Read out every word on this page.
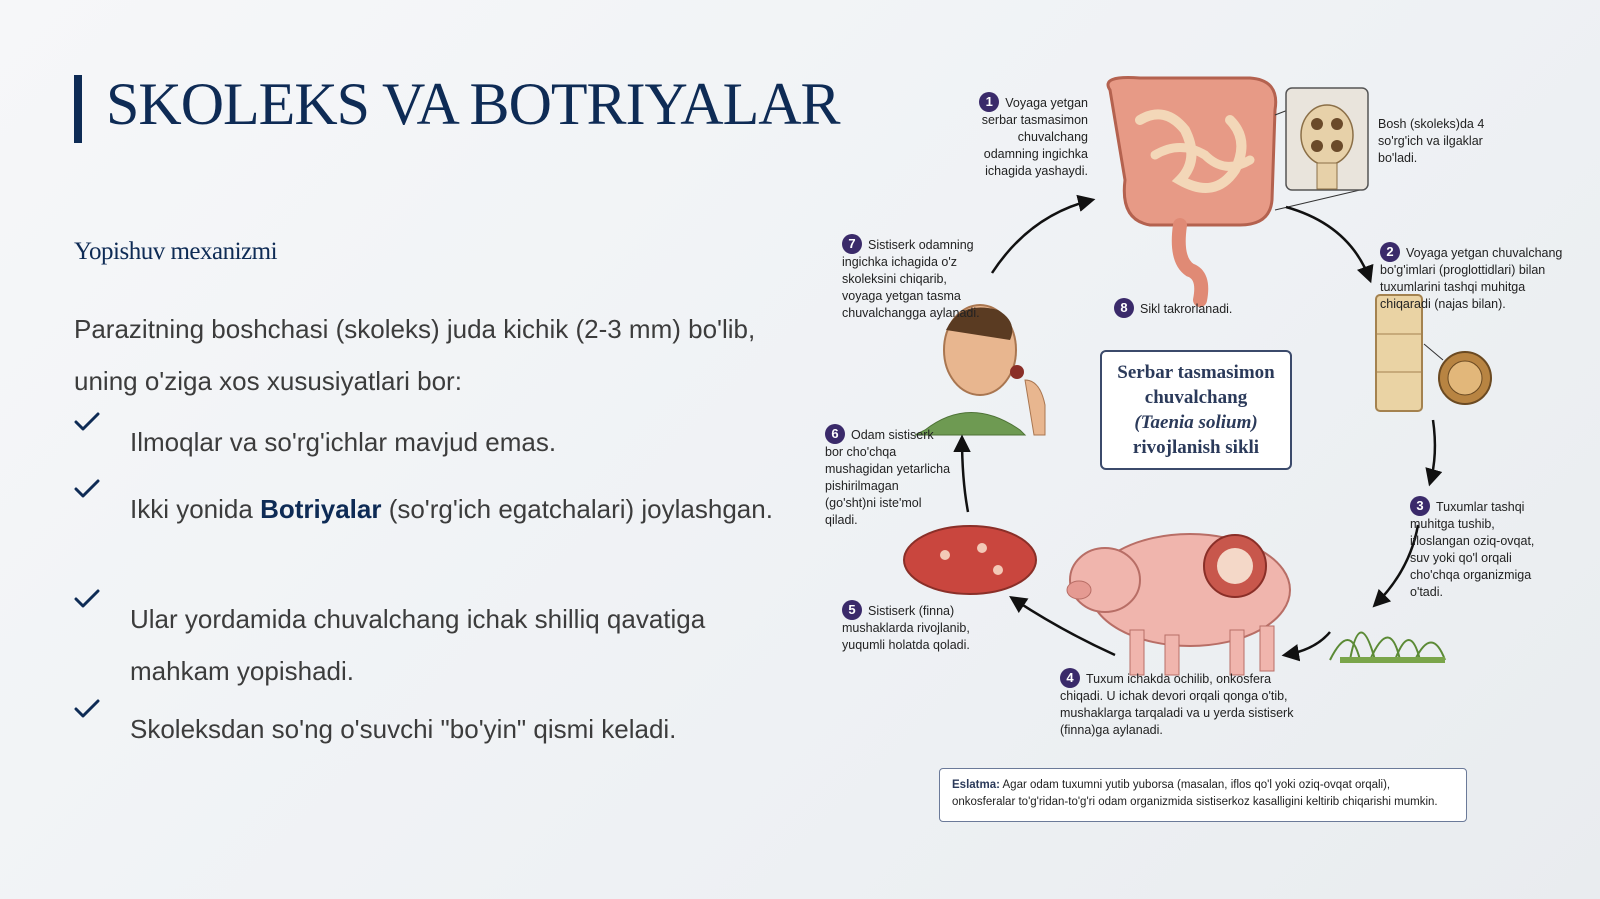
SKOLEKS VA BOTRIYALAR
Yopishuv mexanizmi
Parazitning boshchasi (skoleks) juda kichik (2-3 mm) bo'lib, uning o'ziga xos xususiyatlari bor:
Ilmoqlar va so'rg'ichlar mavjud emas.
Ikki yonida Botriyalar (so'rg'ich egatchalari) joylashgan.
Ular yordamida chuvalchang ichak shilliq qavatiga mahkam yopishadi.
Skoleksdan so'ng o'suvchi "bo'yin" qismi keladi.
1 Voyaga yetgan serbar tasmasimon chuvalchang odamning ingichka ichagida yashaydi.
Bosh (skoleks)da 4 so'rg'ich va ilgaklar bo'ladi.
2 Voyaga yetgan chuvalchang bo'g'imlari (proglottidlari) bilan tuxumlarini tashqi muhitga chiqaradi (najas bilan).
3 Tuxumlar tashqi muhitga tushib, ifloslangan oziq-ovqat, suv yoki qo'l orqali cho'chqa organizmiga o'tadi.
4 Tuxum ichakda ochilib, onkosfera chiqadi. U ichak devori orqali qonga o'tib, mushaklarga tarqaladi va u yerda sistiserk (finna)ga aylanadi.
5 Sistiserk (finna) mushaklarda rivojlanib, yuqumli holatda qoladi.
6 Odam sistiserk bor cho'chqa mushagidan yetarlicha pishirilmagan (go'sht)ni iste'mol qiladi.
7 Sistiserk odamning ingichka ichagida o'z skoleksini chiqarib, voyaga yetgan tasma chuvalchangga aylanadi.	8 Sikl takrorlanadi.
Serbar tasmasimon
chuvalchang
(Taenia solium)
rivojlanish sikli
Eslatma: Agar odam tuxumni yutib yuborsa (masalan, iflos qo'l yoki oziq-ovqat orqali), onkosferalar to'g'ridan-to'g'ri odam organizmida sistiserkoz kasalligini keltirib chiqarishi mumkin.
